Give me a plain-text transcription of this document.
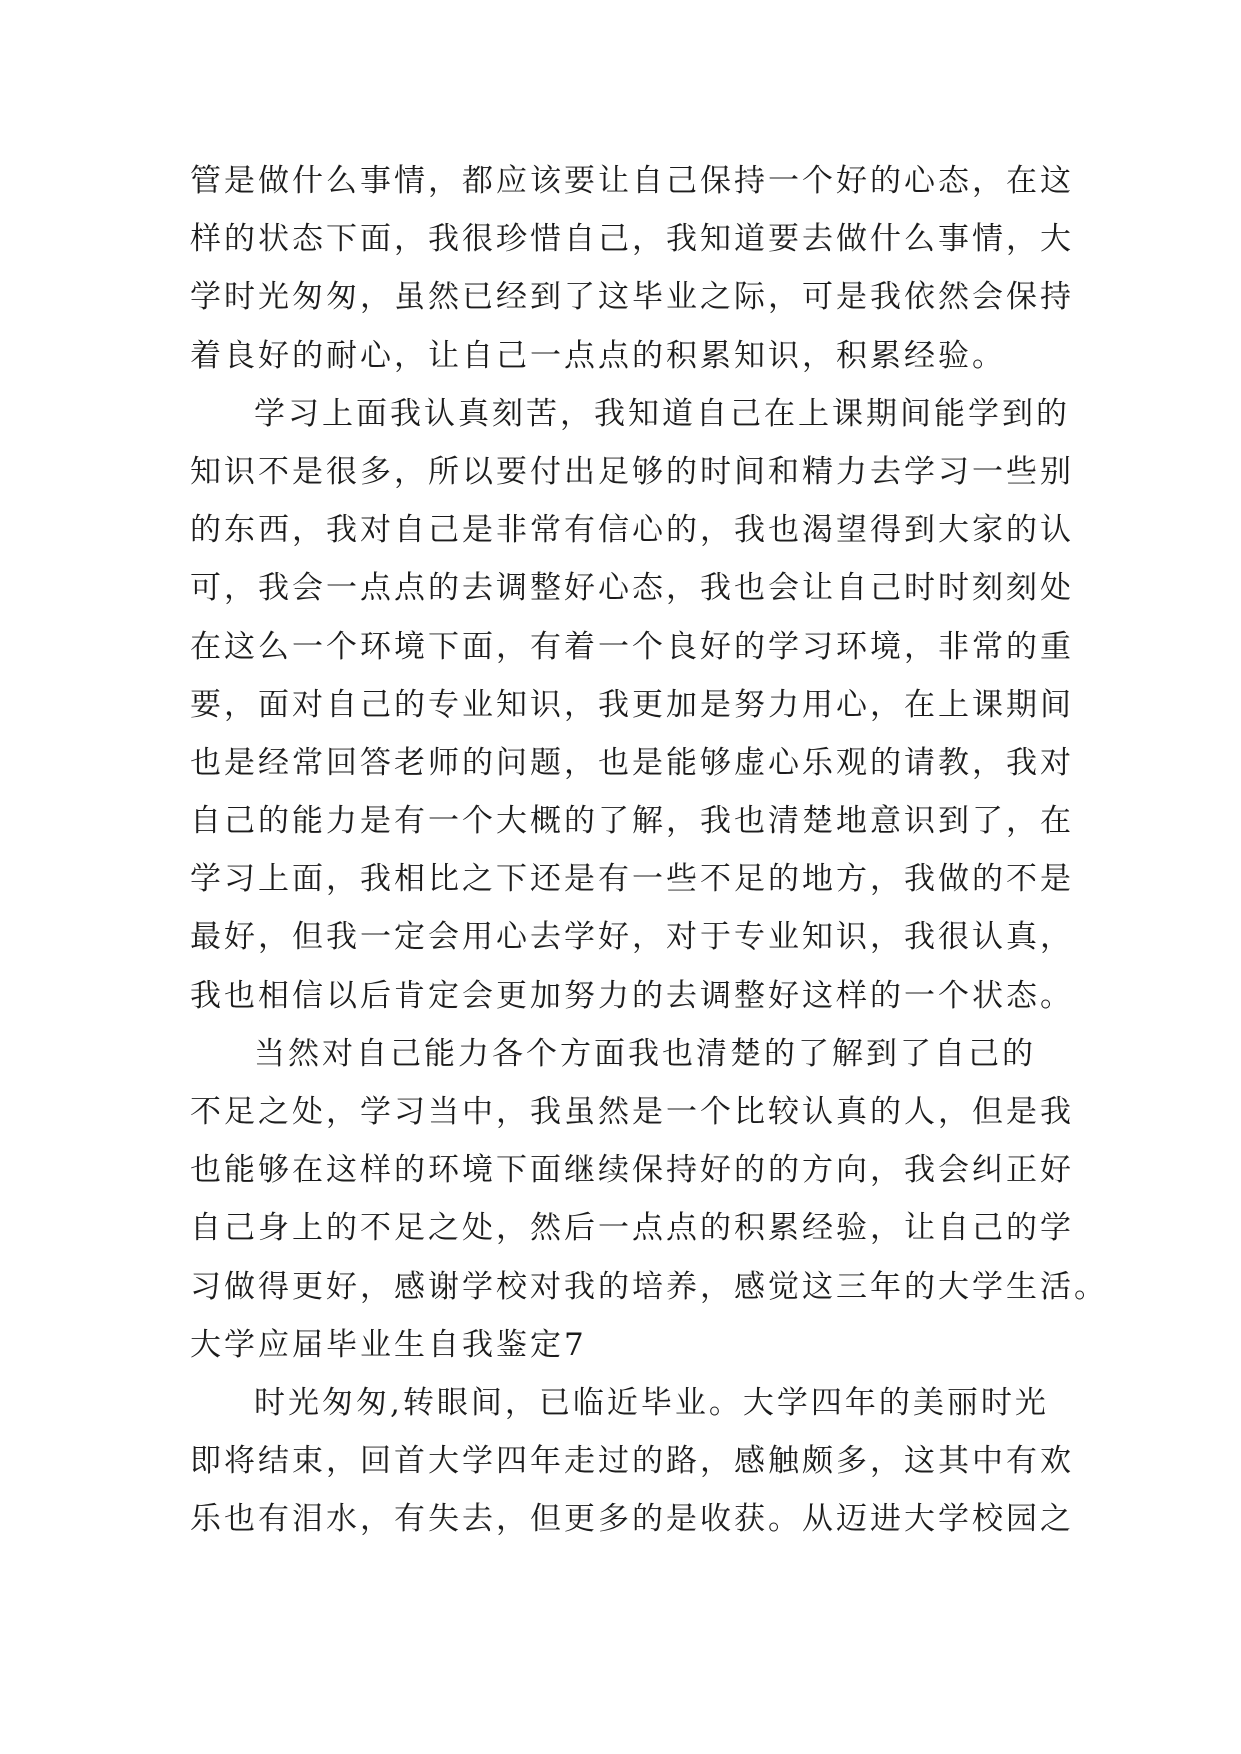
管是做什么事情，都应该要让自己保持一个好的心态，在这
样的状态下面，我很珍惜自己，我知道要去做什么事情，大
学时光匆匆，虽然已经到了这毕业之际，可是我依然会保持
着良好的耐心，让自己一点点的积累知识，积累经验。
学习上面我认真刻苦，我知道自己在上课期间能学到的
知识不是很多，所以要付出足够的时间和精力去学习一些别
的东西，我对自己是非常有信心的，我也渴望得到大家的认
可，我会一点点的去调整好心态，我也会让自己时时刻刻处
在这么一个环境下面，有着一个良好的学习环境，非常的重
要，面对自己的专业知识，我更加是努力用心，在上课期间
也是经常回答老师的问题，也是能够虚心乐观的请教，我对
自己的能力是有一个大概的了解，我也清楚地意识到了，在
学习上面，我相比之下还是有一些不足的地方，我做的不是
最好，但我一定会用心去学好，对于专业知识，我很认真，
我也相信以后肯定会更加努力的去调整好这样的一个状态。
当然对自己能力各个方面我也清楚的了解到了自己的
不足之处，学习当中，我虽然是一个比较认真的人，但是我
也能够在这样的环境下面继续保持好的的方向，我会纠正好
自己身上的不足之处，然后一点点的积累经验，让自己的学
习做得更好，感谢学校对我的培养，感觉这三年的大学生活。
大学应届毕业生自我鉴定7
时光匆匆,转眼间，已临近毕业。大学四年的美丽时光
即将结束，回首大学四年走过的路，感触颇多，这其中有欢
乐也有泪水，有失去，但更多的是收获。从迈进大学校园之
